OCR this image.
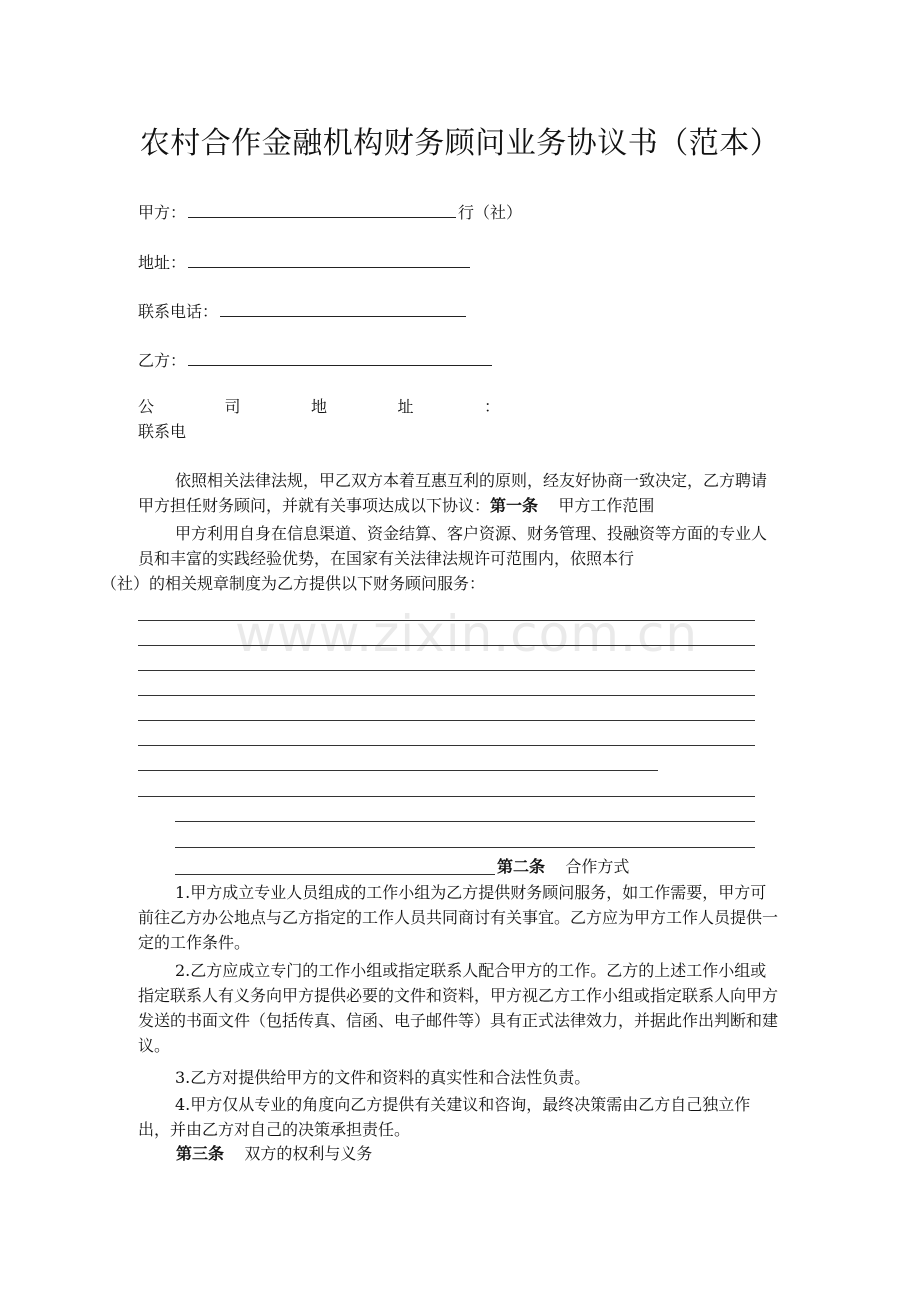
农村合作金融机构财务顾问业务协议书（范本）
甲方：	行（社）
地址：
联系电话：
乙方：
公	司	地	址	：
联系电

依照相关法律法规，甲乙双方本着互惠互利的原则，经友好协商一致决定，乙方聘请甲方担任财务顾问，并就有关事项达成以下协议：第一条 甲方工作范围

甲方利用自身在信息渠道、资金结算、客户资源、财务管理、投融资等方面的专业人员和丰富的实践经验优势，在国家有关法律法规许可范围内，依照本行
（社）的相关规章制度为乙方提供以下财务顾问服务：

www.zixin.com.cn
第二条 合作方式

1.甲方成立专业人员组成的工作小组为乙方提供财务顾问服务，如工作需要，甲方可前往乙方办公地点与乙方指定的工作人员共同商讨有关事宜。乙方应为甲方工作人员提供一定的工作条件。

2.乙方应成立专门的工作小组或指定联系人配合甲方的工作。乙方的上述工作小组或指定联系人有义务向甲方提供必要的文件和资料，甲方视乙方工作小组或指定联系人向甲方发送的书面文件（包括传真、信函、电子邮件等）具有正式法律效力，并据此作出判断和建议。

3.乙方对提供给甲方的文件和资料的真实性和合法性负责。

4.甲方仅从专业的角度向乙方提供有关建议和咨询，最终决策需由乙方自己独立作出，并由乙方对自己的决策承担责任。

第三条 双方的权利与义务
